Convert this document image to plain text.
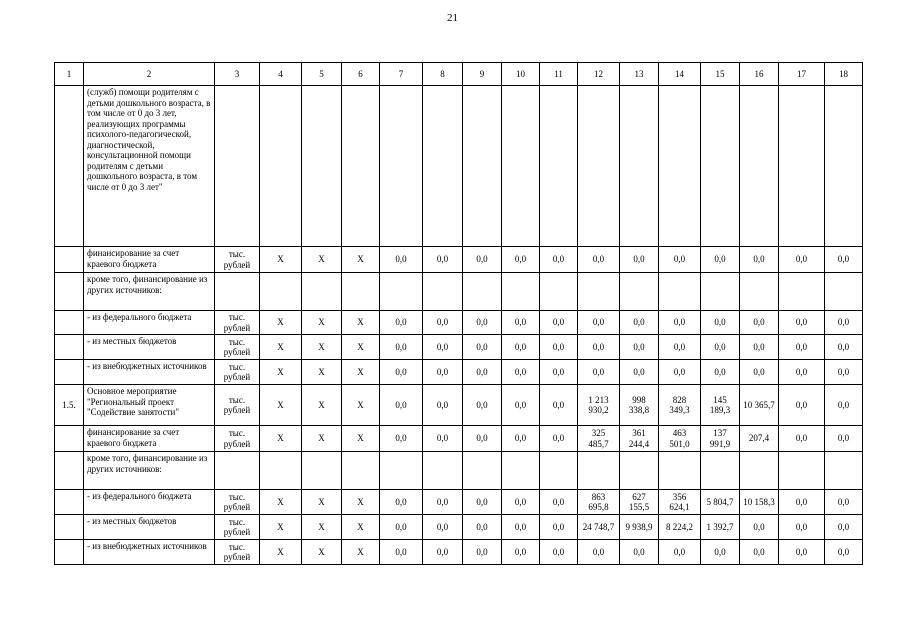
21
1	2	3	4	5	6	7	8	9	10	11	12	13	14	15	16	17	18
	(служб) помощи родителям с детьми дошкольного возраста, в том числе от 0 до 3 лет, реализующих программы психолого-педагогической, диагностической, консультационной помощи родителям с детьми дошкольного возраста, в том числе от 0 до 3 лет"																
	финансирование за счет краевого бюджета	тыс. рублей	X	X	X	0,0	0,0	0,0	0,0	0,0	0,0	0,0	0,0	0,0	0,0	0,0	0,0
	кроме того, финансирование из других источников:																
	- из федерального бюджета	тыс. рублей	X	X	X	0,0	0,0	0,0	0,0	0,0	0,0	0,0	0,0	0,0	0,0	0,0	0,0
	- из местных бюджетов	тыс. рублей	X	X	X	0,0	0,0	0,0	0,0	0,0	0,0	0,0	0,0	0,0	0,0	0,0	0,0
	- из внебюджетных источников	тыс. рублей	X	X	X	0,0	0,0	0,0	0,0	0,0	0,0	0,0	0,0	0,0	0,0	0,0	0,0
1.5.	Основное мероприятие "Региональный проект "Содействие занятости"	тыс. рублей	X	X	X	0,0	0,0	0,0	0,0	0,0	1 213 930,2	998 338,8	828 349,3	145 189,3	10 365,7	0,0	0,0
	финансирование за счет краевого бюджета	тыс. рублей	X	X	X	0,0	0,0	0,0	0,0	0,0	325 485,7	361 244,4	463 501,0	137 991,9	207,4	0,0	0,0
	кроме того, финансирование из других источников:																
	- из федерального бюджета	тыс. рублей	X	X	X	0,0	0,0	0,0	0,0	0,0	863 695,8	627 155,5	356 624,1	5 804,7	10 158,3	0,0	0,0
	- из местных бюджетов	тыс. рублей	X	X	X	0,0	0,0	0,0	0,0	0,0	24 748,7	9 938,9	8 224,2	1 392,7	0,0	0,0	0,0
	- из внебюджетных источников	тыс. рублей	X	X	X	0,0	0,0	0,0	0,0	0,0	0,0	0,0	0,0	0,0	0,0	0,0	0,0
